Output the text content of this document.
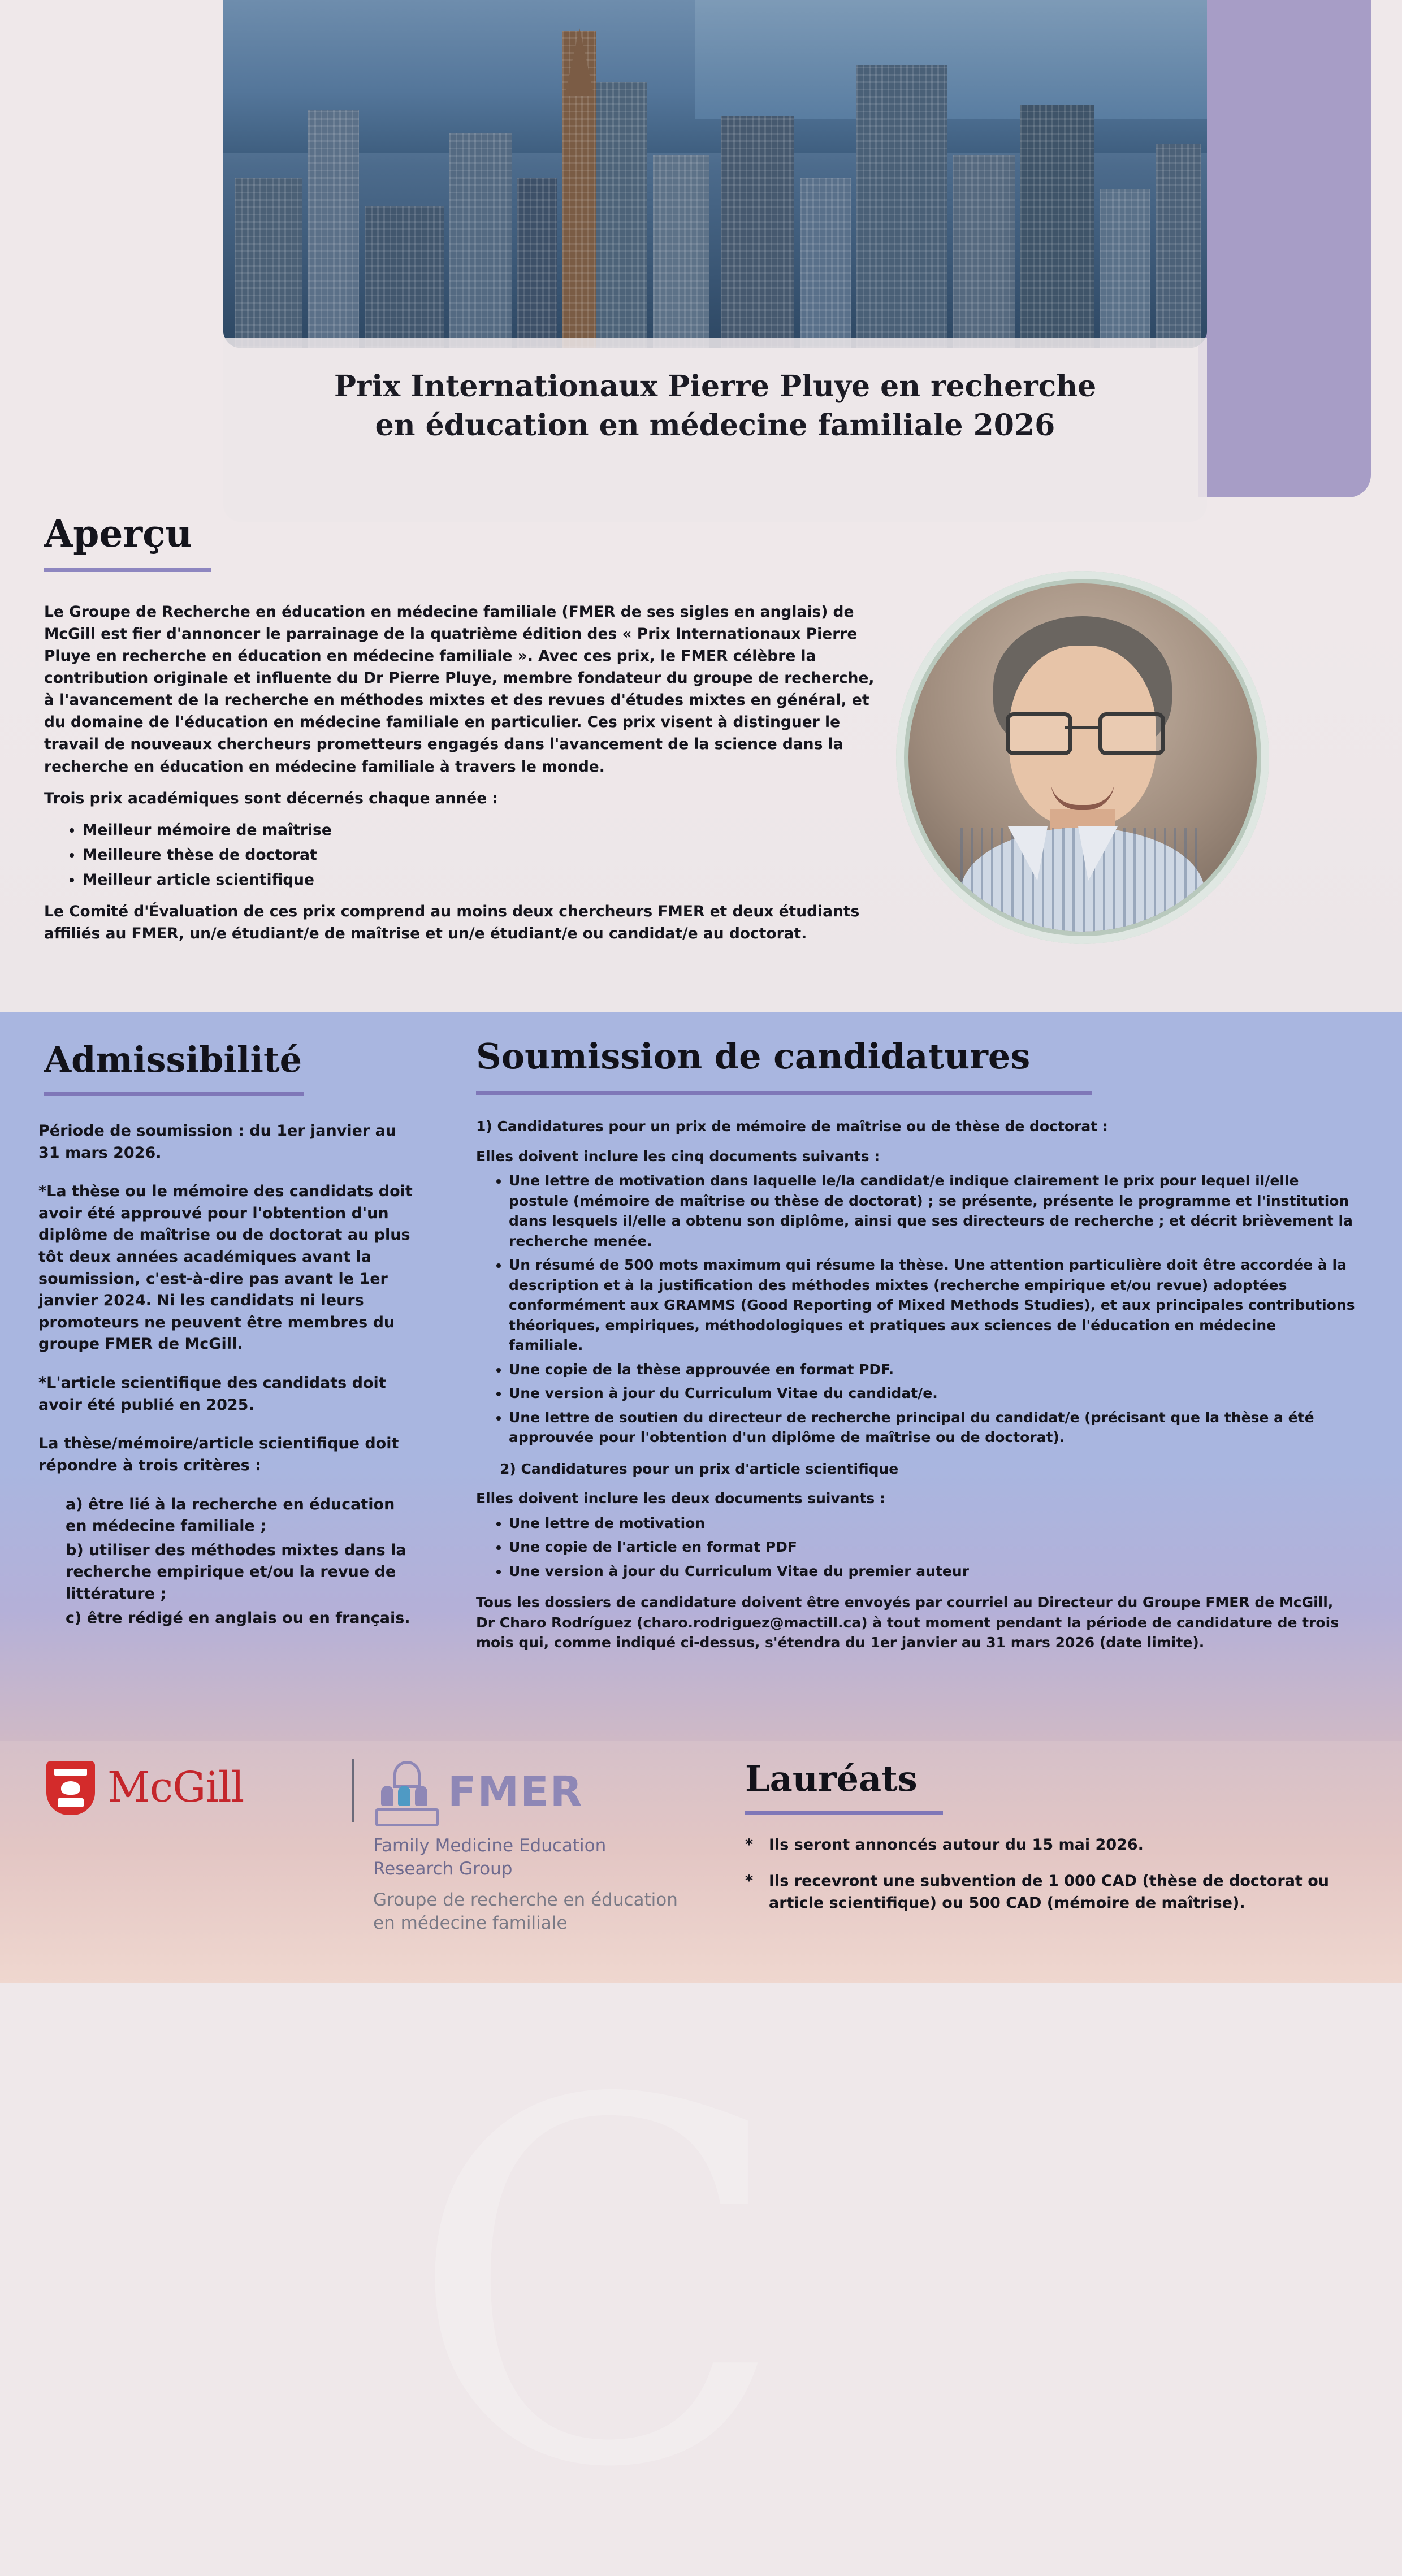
Prix Internationaux Pierre Pluye en recherche
en éducation en médecine familiale 2026
Aperçu

Le Groupe de Recherche en éducation en médecine familiale (FMER de ses sigles en anglais) de McGill est fier d'annoncer le parrainage de la quatrième édition des « Prix Internationaux Pierre Pluye en recherche en éducation en médecine familiale ». Avec ces prix, le FMER célèbre la contribution originale et influente du Dr Pierre Pluye, membre fondateur du groupe de recherche, à l'avancement de la recherche en méthodes mixtes et des revues d'études mixtes en général, et du domaine de l'éducation en médecine familiale en particulier. Ces prix visent à distinguer le travail de nouveaux chercheurs prometteurs engagés dans l'avancement de la science dans la recherche en éducation en médecine familiale à travers le monde.

Trois prix académiques sont décernés chaque année :

• Meilleur mémoire de maîtrise
• Meilleure thèse de doctorat
• Meilleur article scientifique

Le Comité d'Évaluation de ces prix comprend au moins deux chercheurs FMER et deux étudiants affiliés au FMER, un/e étudiant/e de maîtrise et un/e étudiant/e ou candidat/e au doctorat.

C
Admissibilité

Période de soumission : du 1er janvier au 31 mars 2026.

*La thèse ou le mémoire des candidats doit avoir été approuvé pour l'obtention d'un diplôme de maîtrise ou de doctorat au plus tôt deux années académiques avant la soumission, c'est-à-dire pas avant le 1er janvier 2024. Ni les candidats ni leurs promoteurs ne peuvent être membres du groupe FMER de McGill.

*L'article scientifique des candidats doit avoir été publié en 2025.

La thèse/mémoire/article scientifique doit répondre à trois critères :

a) être lié à la recherche en éducation en médecine familiale ;
b) utiliser des méthodes mixtes dans la recherche empirique et/ou la revue de littérature ;
c) être rédigé en anglais ou en français.
Soumission de candidatures

1) Candidatures pour un prix de mémoire de maîtrise ou de thèse de doctorat :

Elles doivent inclure les cinq documents suivants :

• Une lettre de motivation dans laquelle le/la candidat/e indique clairement le prix pour lequel il/elle postule (mémoire de maîtrise ou thèse de doctorat) ; se présente, présente le programme et l'institution dans lesquels il/elle a obtenu son diplôme, ainsi que ses directeurs de recherche ; et décrit brièvement la recherche menée.
• Un résumé de 500 mots maximum qui résume la thèse. Une attention particulière doit être accordée à la description et à la justification des méthodes mixtes (recherche empirique et/ou revue) adoptées conformément aux GRAMMS (Good Reporting of Mixed Methods Studies), et aux principales contributions théoriques, empiriques, méthodologiques et pratiques aux sciences de l'éducation en médecine familiale.
• Une copie de la thèse approuvée en format PDF.
• Une version à jour du Curriculum Vitae du candidat/e.
• Une lettre de soutien du directeur de recherche principal du candidat/e (précisant que la thèse a été approuvée pour l'obtention d'un diplôme de maîtrise ou de doctorat).

2) Candidatures pour un prix d'article scientifique

Elles doivent inclure les deux documents suivants :

• Une lettre de motivation
• Une copie de l'article en format PDF
• Une version à jour du Curriculum Vitae du premier auteur

Tous les dossiers de candidature doivent être envoyés par courriel au Directeur du Groupe FMER de McGill, Dr Charo Rodríguez (charo.rodriguez@mactill.ca) à tout moment pendant la période de candidature de trois mois qui, comme indiqué ci-dessus, s'étendra du 1er janvier au 31 mars 2026 (date limite).

McGill	FMER
Family Medicine Education
Research Group
Groupe de recherche en éducation
en médecine familiale
Lauréats

* Ils seront annoncés autour du 15 mai 2026.

* Ils recevront une subvention de 1 000 CAD (thèse de doctorat ou article scientifique) ou 500 CAD (mémoire de maîtrise).
